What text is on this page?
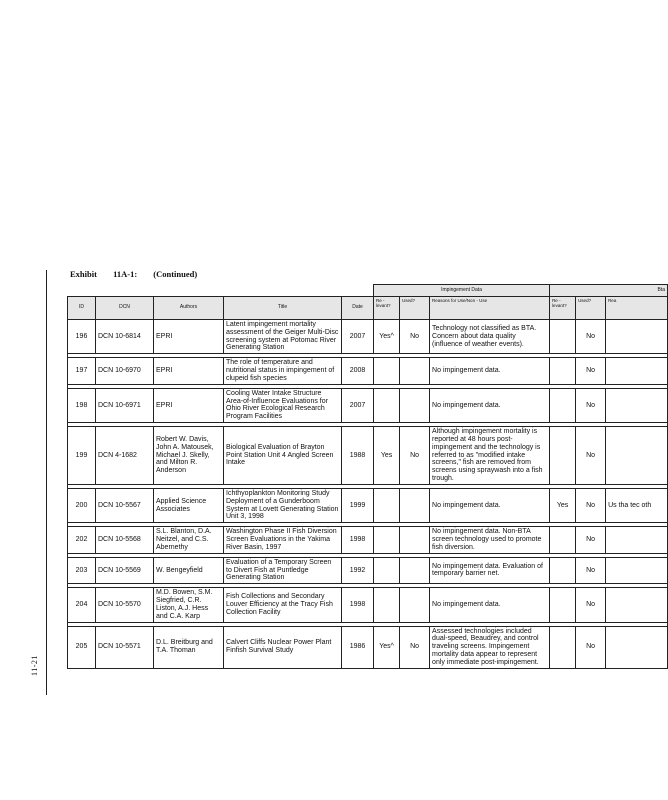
11-21
Exhibit 11A-1: (Continued)
					Impingement Data			Bta		
ID	DCN	Authors	Title	Date	Re - levant?	Used?	Reasons for Use/Non - Use	Re - levant?	Used?	Rea
196	DCN 10-6814	EPRI	Latent impingement mortality assessment of the Geiger Multi-Disc screening system at Potomac River Generating Station	2007	Yes^	No	Technology not classified as BTA. Concern about data quality (influence of weather events).		No	

197	DCN 10-6970	EPRI	The role of temperature and nutritional status in impingement of clupeid fish species	2008			No impingement data.		No	

198	DCN 10-6971	EPRI	Cooling Water Intake Structure Area-of-Influence Evaluations for Ohio River Ecological Research Program Facilities	2007			No impingement data.		No	

199	DCN 4-1682	Robert W. Davis, John A. Matousek, Michael J. Skelly, and Milton R. Anderson	Biological Evaluation of Brayton Point Station Unit 4 Angled Screen Intake	1988	Yes	No	Although impingement mortality is reported at 48 hours post-impingement and the technology is referred to as "modified intake screens," fish are removed from screens using spraywash into a fish trough.		No	

200	DCN 10-5567	Applied Science Associates	Ichthyoplankton Monitoring Study Deployment of a Gunderboom System at Lovett Generating Station Unit 3, 1998	1999			No impingement data.	Yes	No	Us tha tec oth

202	DCN 10-5568	S.L. Blanton, D.A. Neitzel, and C.S. Abernethy	Washington Phase II Fish Diversion Screen Evaluations in the Yakima River Basin, 1997	1998			No impingement data. Non-BTA screen technology used to promote fish diversion.		No	

203	DCN 10-5569	W. Bengeyfield	Evaluation of a Temporary Screen to Divert Fish at Puntledge Generating Station	1992			No impingement data. Evaluation of temporary barrier net.		No	

204	DCN 10-5570	M.D. Bowen, S.M. Siegfried, C.R. Liston, A.J. Hess and C.A. Karp	Fish Collections and Secondary Louver Efficiency at the Tracy Fish Collection Facility	1998			No impingement data.		No	

205	DCN 10-5571	D.L. Breitburg and T.A. Thoman	Calvert Cliffs Nuclear Power Plant Finfish Survival Study	1986	Yes^	No	Assessed technologies included dual-speed, Beaudrey, and control traveling screens. Impingement mortality data appear to represent only immediate post-impingement.		No	
